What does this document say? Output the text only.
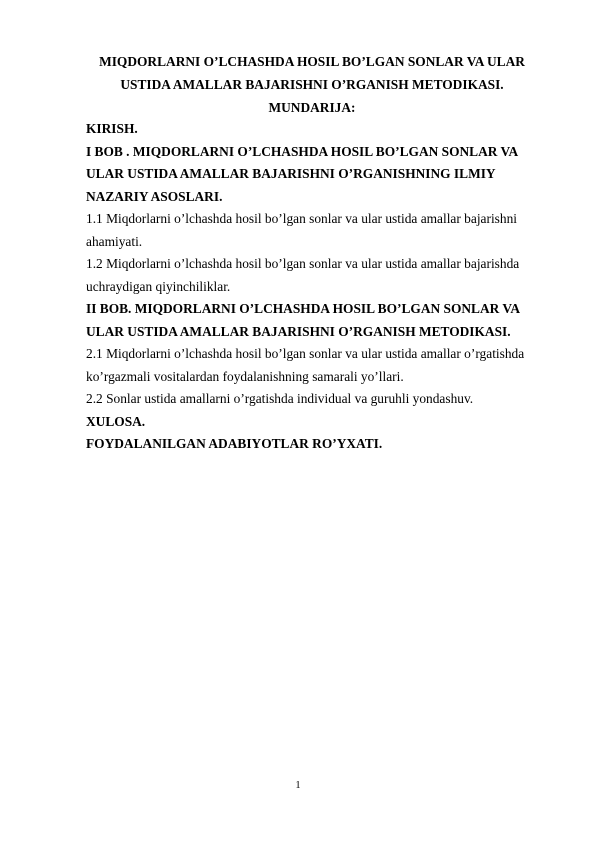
MIQDORLARNI O’LCHASHDA HOSIL BO’LGAN SONLAR VA ULAR
USTIDA AMALLAR BAJARISHNI O’RGANISH METODIKASI.
MUNDARIJA:
KIRISH.
I BOB . MIQDORLARNI O’LCHASHDA HOSIL BO’LGAN SONLAR VA
ULAR USTIDA AMALLAR BAJARISHNI O’RGANISHNING ILMIY
NAZARIY ASOSLARI.
1.1 Miqdorlarni o’lchashda hosil bo’lgan sonlar va ular ustida amallar bajarishni
ahamiyati.
1.2 Miqdorlarni o’lchashda hosil bo’lgan sonlar va ular ustida amallar bajarishda
uchraydigan qiyinchiliklar.
II BOB. MIQDORLARNI O’LCHASHDA HOSIL BO’LGAN SONLAR VA
ULAR USTIDA AMALLAR BAJARISHNI O’RGANISH METODIKASI.
2.1 Miqdorlarni o’lchashda hosil bo’lgan sonlar va ular ustida amallar o’rgatishda
ko’rgazmali vositalardan foydalanishning samarali yo’llari.
2.2 Sonlar ustida amallarni o’rgatishda individual va guruhli yondashuv.
XULOSA.
FOYDALANILGAN ADABIYOTLAR RO’YXATI.
1
